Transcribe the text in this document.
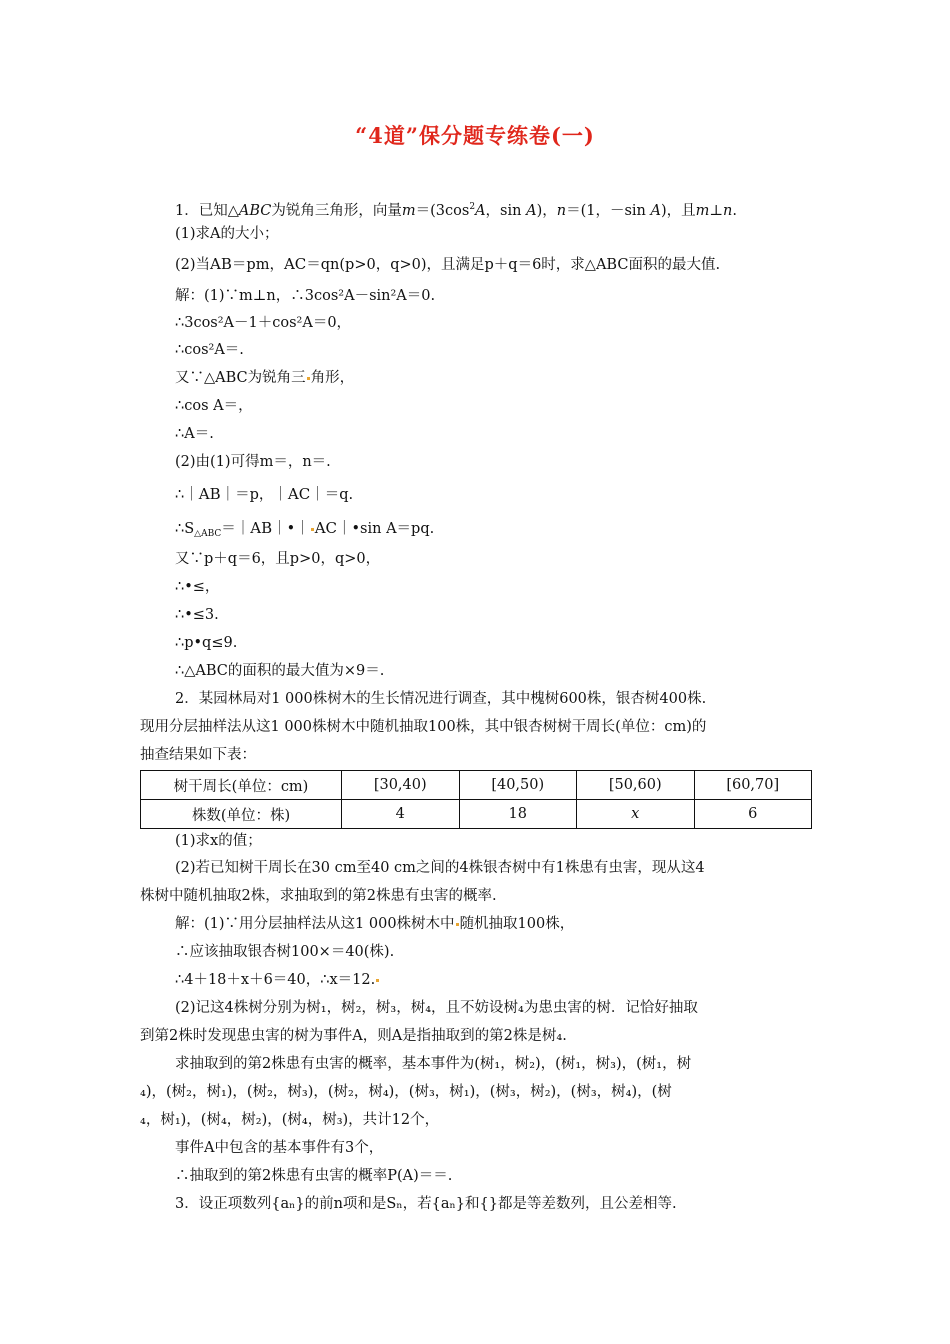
“4道”保分题专练卷(一)
1．已知△ABC为锐角三角形，向量$m=(3\cos^2A$，sin A)，n＝(1，－sin A)，且m⊥n.
(1)求A的大小；
(2)当AB＝pm，AC＝qn(p>0，q>0)，且满足p＋q＝6时，求△ABC面积的最大值.
解：(1)∵m⊥n，∴3cos²A－sin²A＝0.
∴3cos²A－1＋cos²A＝0，
∴cos²A＝.
又∵△ABC为锐角三 角形，
∴cos A＝，
∴A＝.
(2)由(1)可得m＝，n＝.
∴｜AB｜＝p，｜AC｜＝q.
$\therefore S_{\triangle ABC}=|AB|•|$ AC｜•sin A＝pq.
又∵p＋q＝6，且p>0，q>0，
∴•≤，
∴•≤3.
∴p•q≤9.
∴△ABC的面积的最大值为×9＝.
2．某园林局对1 000株树木的生长情况进行调查，其中槐树600株，银杏树400株.
现用分层抽样法从这1 000株树木中随机抽取100株，其中银杏树树干周长(单位：cm)的
抽查结果如下表：
树干周长(单位：cm)	[30,40)	[40,50)	[50,60)	[60,70]
株数(单位：株)	4	18	x	6
(1)求x的值；
(2)若已知树干周长在30 cm至40 cm之间的4株银杏树中有1株患有虫害，现从这4
株树中随机抽取2株，求抽取到的第2株患有虫害的概率.
解：(1)∵用分层抽样法从这1 000株树木中 随机抽取100株，
∴应该抽取银杏树100×＝40(株).
∴4＋18＋x＋6＝40，∴x＝12.
(2)记这4株树分别为树₁，树₂，树₃，树₄，且不妨设树₄为患虫害的树．记恰好抽取
到第2株时发现患虫害的树为事件A，则A是指抽取到的第2株是树₄.
求抽取到的第2株患有虫害的概率，基本事件为(树₁，树₂)，(树₁，树₃)，(树₁，树
₄)，(树₂，树₁)，(树₂，树₃)，(树₂，树₄)，(树₃，树₁)，(树₃，树₂)，(树₃，树₄)，(树
₄，树₁)，(树₄，树₂)，(树₄，树₃)，共计12个，
事件A中包含的基本事件有3个，
∴抽取到的第2株患有虫害的概率P(A)＝＝.
3．设正项数列{aₙ}的前n项和是Sₙ，若{aₙ}和{}都是等差数列，且公差相等.
